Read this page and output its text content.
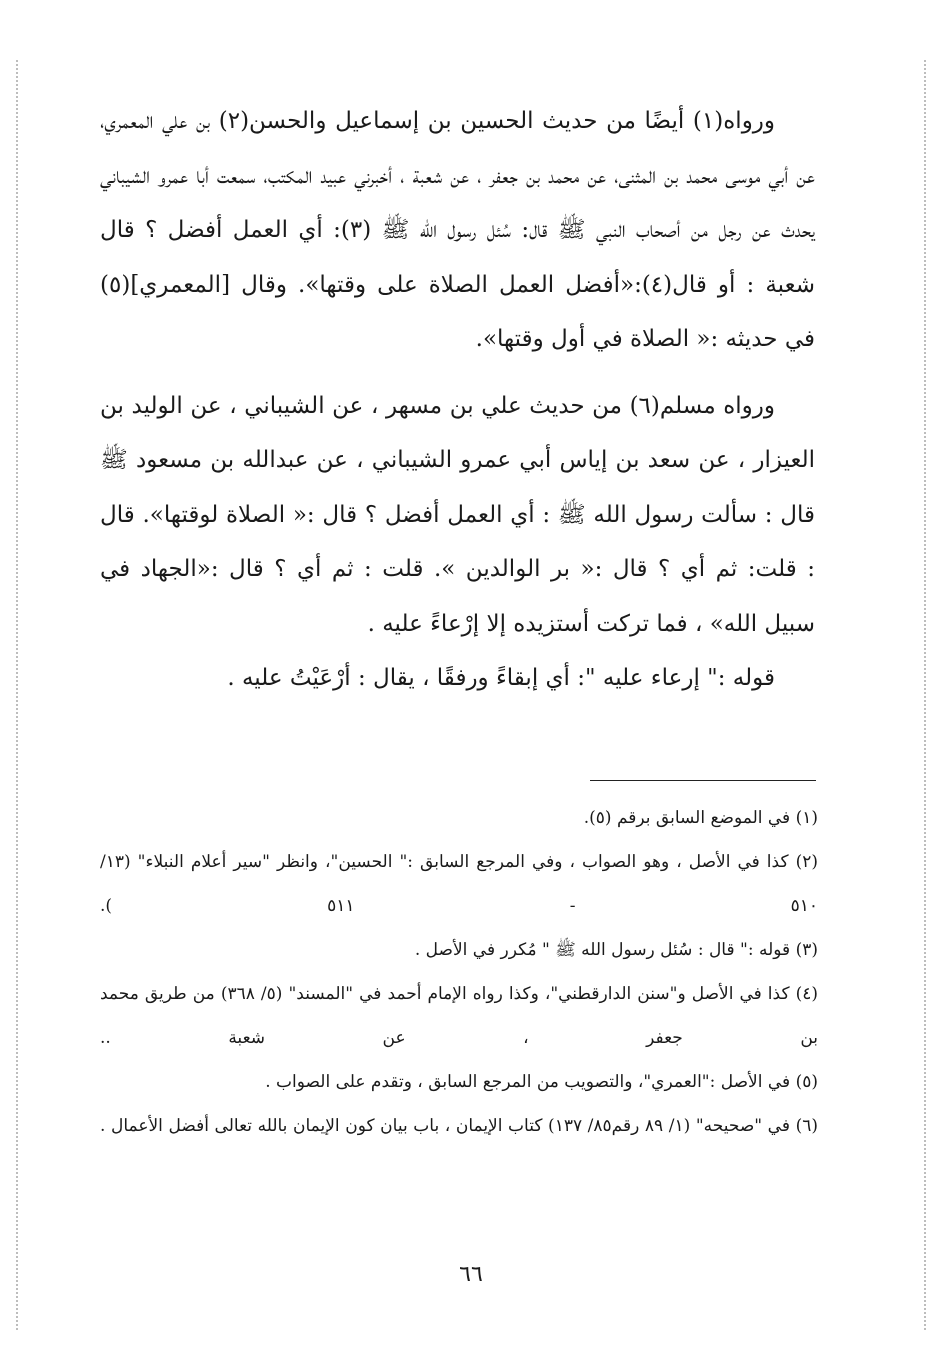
ورواه(١) أيضًا من حديث الحسين بن إسماعيل والحسن(٢) بن علي المعمري، عن أبي موسى محمد بن المثنى، عن محمد بن جعفر ، عن شعبة ، أخبرني عبيد المكتب، سمعت أبا عمرو الشيباني يحدث عن رجل من أصحاب النبي ﷺ قال: سُئل رسول الله ﷺ (٣): أي العمل أفضل ؟ قال شعبة : أو قال(٤):«أفضل العمل الصلاة على وقتها». وقال [المعمري](٥) في حديثه :« الصلاة في أول وقتها».

ورواه مسلم(٦) من حديث علي بن مسهر ، عن الشيباني ، عن الوليد بن العيزار ، عن سعد بن إياس أبي عمرو الشيباني ، عن عبدالله بن مسعود ﷺ قال : سألت رسول الله ﷺ : أي العمل أفضل ؟ قال :« الصلاة لوقتها». قال : قلت: ثم أي ؟ قال :« بر الوالدين ». قلت : ثم أي ؟ قال :«الجهاد في سبيل الله» ، فما تركت أستزيده إلا إرْعاءً عليه .

قوله :" إرعاء عليه ": أي إبقاءً ورفقًا ، يقال : أرْعَيْتُ عليه .

(١) في الموضع السابق برقم (٥).

(٢) كذا في الأصل ، وهو الصواب ، وفي المرجع السابق :" الحسين"، وانظر "سير أعلام النبلاء" (١٣/ ٥١٠ - ٥١١ ).

(٣) قوله :" قال : سُئل رسول الله ﷺ " مُكرر في الأصل .

(٤) كذا في الأصل و"سنن الدارقطني"، وكذا رواه الإمام أحمد في "المسند" (٥/ ٣٦٨) من طريق محمد بن جعفر ، عن شعبة ..

(٥) في الأصل :"العمري"، والتصويب من المرجع السابق ، وتقدم على الصواب .

(٦) في "صحيحه" (١/ ٨٩ رقم٨٥/ ١٣٧) كتاب الإيمان ، باب بيان كون الإيمان بالله تعالى أفضل الأعمال .

٦٦
